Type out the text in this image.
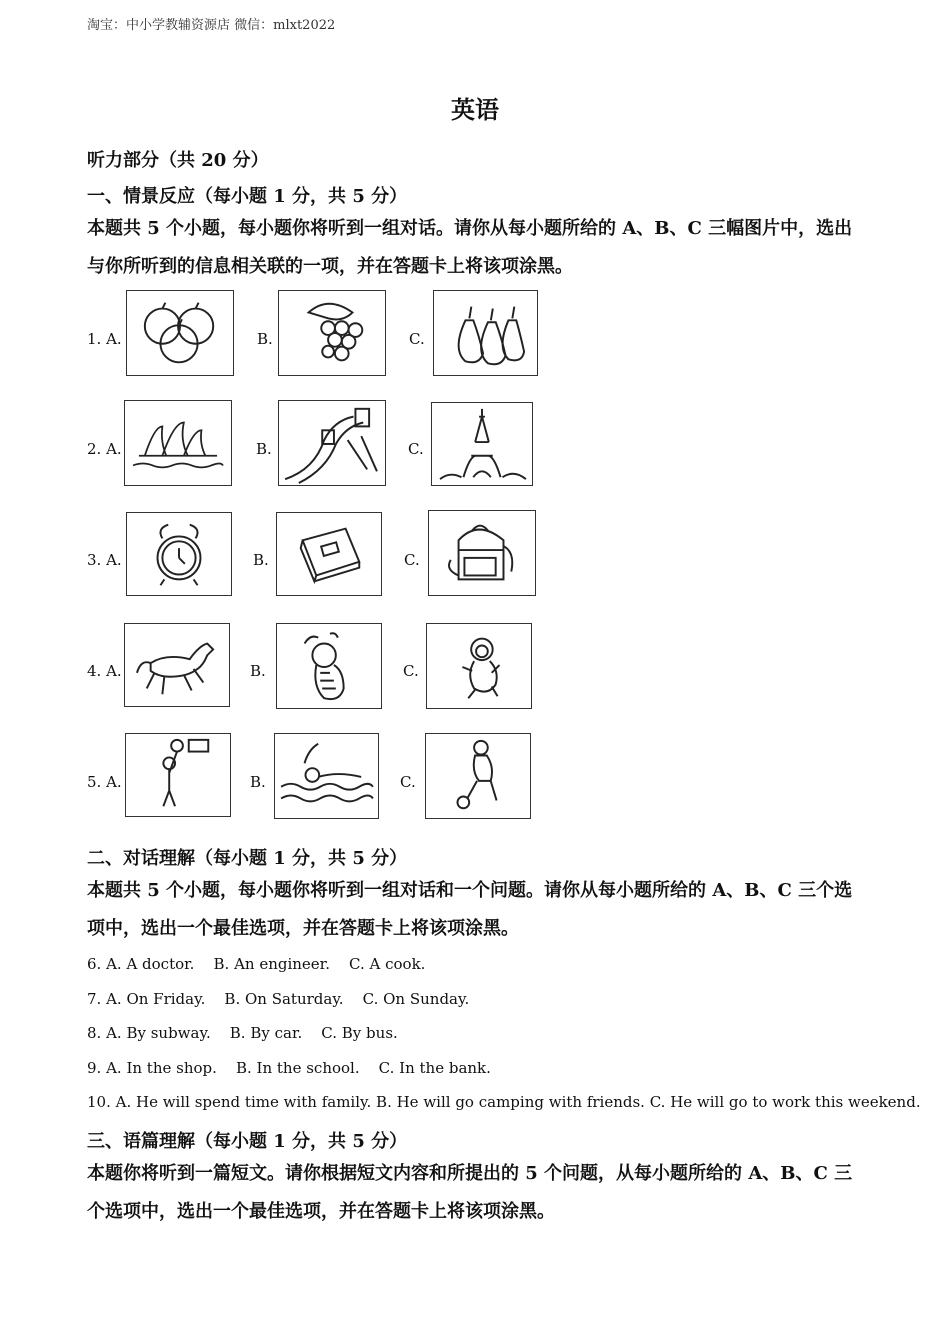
淘宝：中小学教辅资源店 微信：mlxt2022
英语
听力部分（共 20 分）
一、情景反应（每小题 1 分，共 5 分）
本题共 5 个小题，每小题你将听到一组对话。请你从每小题所给的 A、B、C 三幅图片中，选出与你所听到的信息相关联的一项，并在答题卡上将该项涂黑。
1. A.	B.	C.
2. A.	B.	C.
3. A.	B.	C.
4. A.	B.	C.
5. A.	B.	C.
二、对话理解（每小题 1 分，共 5 分）
本题共 5 个小题，每小题你将听到一组对话和一个问题。请你从每小题所给的 A、B、C 三个选项中，选出一个最佳选项，并在答题卡上将该项涂黑。
6. A. A doctor.    B. An engineer.    C. A cook.
7. A. On Friday.    B. On Saturday.    C. On Sunday.
8. A. By subway.    B. By car.    C. By bus.
9. A. In the shop.    B. In the school.    C. In the bank.
10. A. He will spend time with family. B. He will go camping with friends. C. He will go to work this weekend.
三、语篇理解（每小题 1 分，共 5 分）
本题你将听到一篇短文。请你根据短文内容和所提出的 5 个问题，从每小题所给的 A、B、C 三个选项中，选出一个最佳选项，并在答题卡上将该项涂黑。
